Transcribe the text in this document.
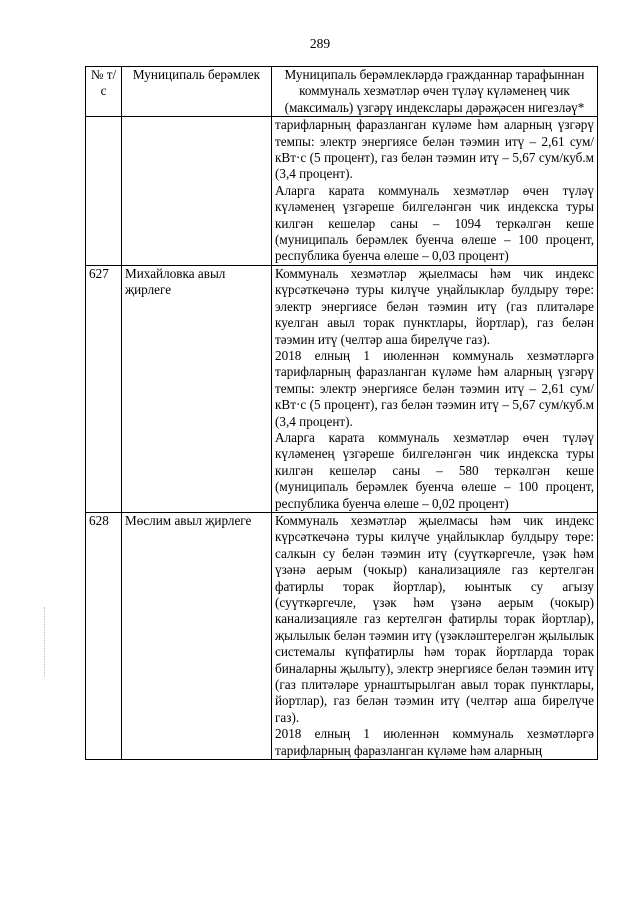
289
№ т/с	Муниципаль берәмлек	Муниципаль берәмлекләрдә гражданнар тарафыннан коммуналь хезмәтләр өчен түләү күләменең чик (максималь) үзгәрү индекслары дәрәҗәсен нигезләү*

		тарифларның фаразланган күләме һәм аларның үзгәрү темпы: электр энергиясе белән тәэмин итү – 2,61 сум/кВт·с (5 процент), газ белән тәэмин итү – 5,67 сум/куб.м (3,4 процент).
Аларга карата коммуналь хезмәтләр өчен түләү күләменең үзгәреше билгеләнгән чик индекска туры килгән кешеләр саны – 1094 теркәлгән кеше (муниципаль берәмлек буенча өлеше – 100 процент, республика буенча өлеше – 0,03 процент)

627	Михайловка авыл җирлеге	Коммуналь хезмәтләр җыелмасы һәм чик индекс күрсәткечәнә туры килүче уңайлыклар булдыру төре: электр энергиясе белән тәэмин итү (газ плитәләре куелган авыл торак пунктлары, йортлар), газ белән тәэмин итү (челтәр аша бирелүче газ).
2018 елның 1 июленнән коммуналь хезмәтләргә тарифларның фаразланган күләме һәм аларның үзгәрү темпы: электр энергиясе белән тәэмин итү – 2,61 сум/кВт·с (5 процент), газ белән тәэмин итү – 5,67 сум/куб.м (3,4 процент).
Аларга карата коммуналь хезмәтләр өчен түләү күләменең үзгәреше билгеләнгән чик индекска туры килгән кешеләр саны – 580 теркәлгән кеше (муниципаль берәмлек буенча өлеше – 100 процент, республика буенча өлеше – 0,02 процент)

628	Мөслим авыл җирлеге	Коммуналь хезмәтләр җыелмасы һәм чик индекс күрсәткечәнә туры килүче уңайлыклар булдыру төре: салкын су белән тәэмин итү (суүткәргечле, үзәк һәм үзәнә аерым (чокыр) канализацияле газ кертелгән фатирлы торак йортлар), юынтык су агызу (суүткәргечле, үзәк һәм үзәнә аерым (чокыр) канализацияле газ кертелгән фатирлы торак йортлар), җылылык белән тәэмин итү (үзәкләштерелгән җылылык системалы күпфатирлы һәм торак йортларда торак биналарны җылыту), электр энергиясе белән тәэмин итү (газ плитәләре урнаштырылган авыл торак пунктлары, йортлар), газ белән тәэмин итү (челтәр аша бирелүче газ).
2018 елның 1 июленнән коммуналь хезмәтләргә тарифларның фаразланган күләме һәм аларның
